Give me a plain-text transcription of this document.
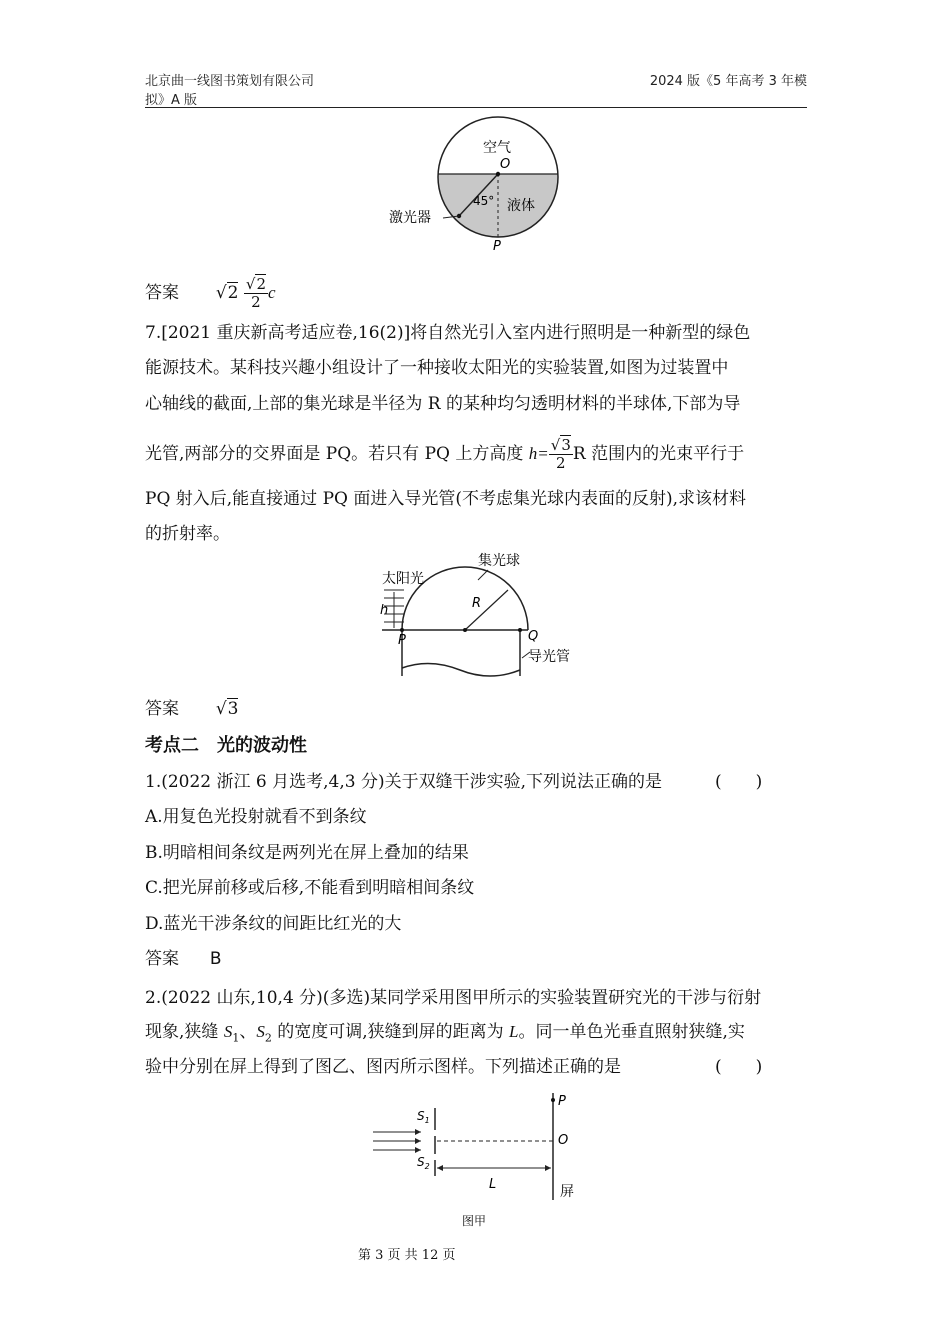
北京曲一线图书策划有限公司
拟》A 版
2024 版《5 年高考 3 年模
空气
O
45° 液体
激光器
P
答案 $√2 \frac{√2}{2}$ c
7.[2021 重庆新高考适应卷,16(2)]将自然光引入室内进行照明是一种新型的绿色
能源技术。某科技兴趣小组设计了一种接收太阳光的实验装置,如图为过装置中
心轴线的截面,上部的集光球是半径为 R 的某种均匀透明材料的半球体,下部为导
光管,两部分的交界面是 PQ。若只有 PQ 上方高度 $h= \frac{√3}{2}$ R 范围内的光束平行于
PQ 射入后,能直接通过 PQ 面进入导光管(不考虑集光球内表面的反射),求该材料
的折射率。
太阳光
集光球
h	R
P	Q
导光管
答案 √3
考点二　光的波动性
1.(2022 浙江 6 月选考,4,3 分)关于双缝干涉实验,下列说法正确的是	(　　)
A.用复色光投射就看不到条纹
B.明暗相间条纹是两列光在屏上叠加的结果
C.把光屏前移或后移,不能看到明暗相间条纹
D.蓝光干涉条纹的间距比红光的大
答案 B
2.(2022 山东,10,4 分)(多选)某同学采用图甲所示的实验装置研究光的干涉与衍射
现象,狭缝 $S_1$、$S_2$ 的宽度可调,狭缝到屏的距离为 L。同一单色光垂直照射狭缝,实
验中分别在屏上得到了图乙、图丙所示图样。下列描述正确的是	(　　)
$S_1$
$S_2$
P
O
L	屏
图甲
第 3 页 共 12 页
